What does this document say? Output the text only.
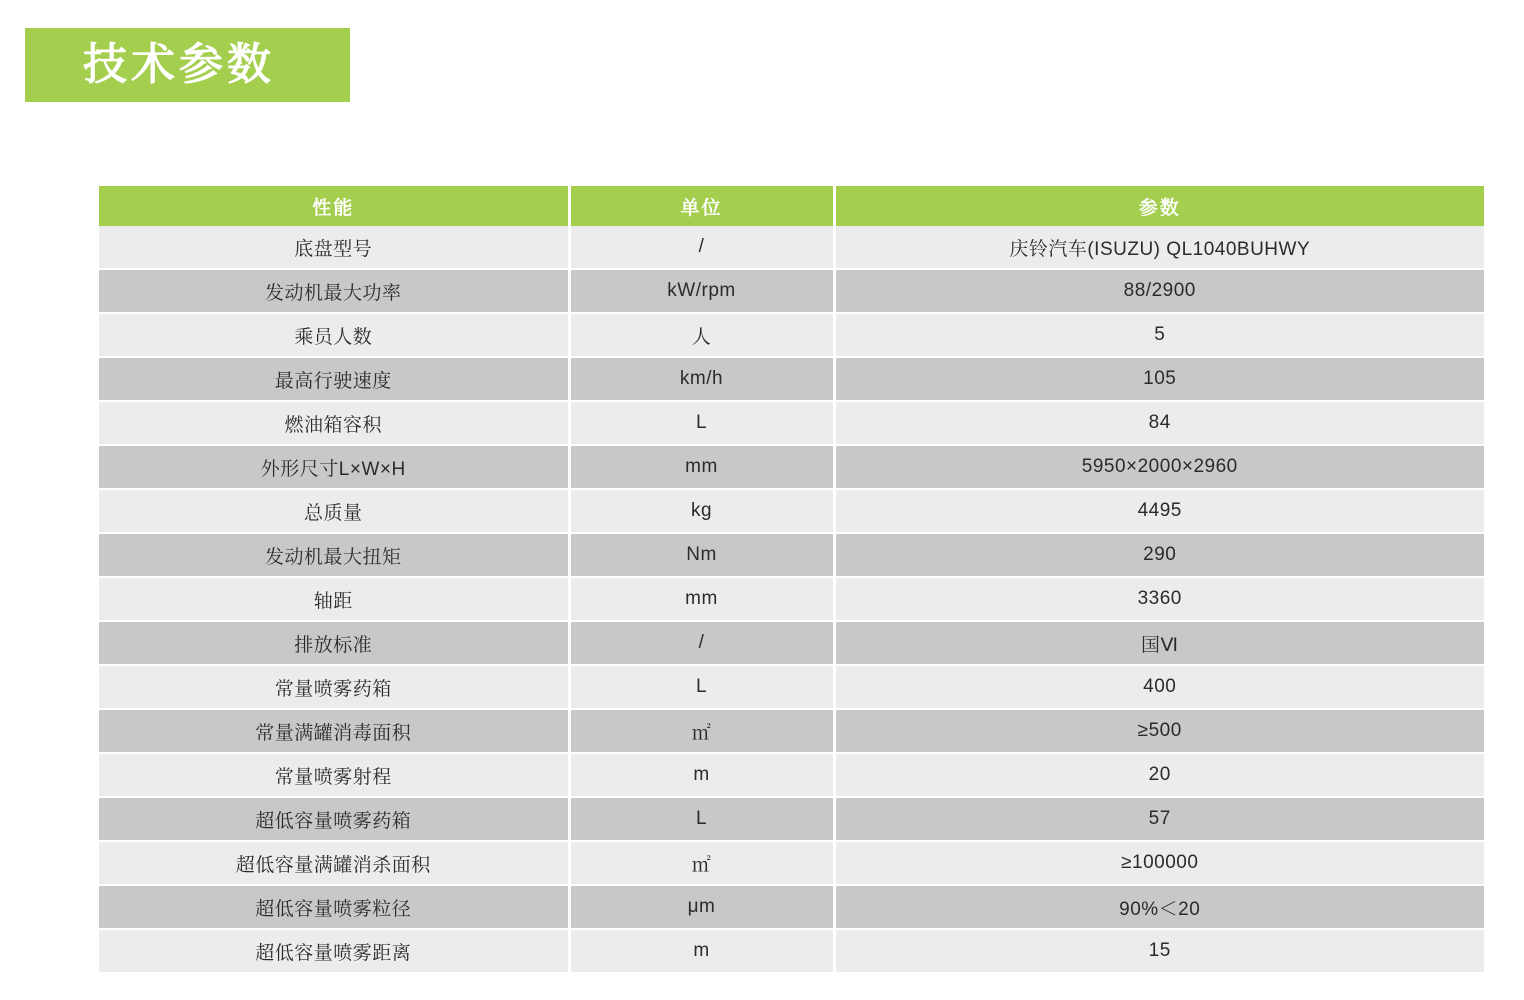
技术参数
性能	单位	参数
底盘型号	/	庆铃汽车(ISUZU) QL1040BUHWY
发动机最大功率	kW/rpm	88/2900
乘员人数	人	5
最高行驶速度	km/h	105
燃油箱容积	L	84
外形尺寸L×W×H	mm	5950×2000×2960
总质量	kg	4495
发动机最大扭矩	Nm	290
轴距	mm	3360
排放标准	/	国Ⅵ
常量喷雾药箱	L	400
常量满罐消毒面积	㎡	≥500
常量喷雾射程	m	20
超低容量喷雾药箱	L	57
超低容量满罐消杀面积	㎡	≥100000
超低容量喷雾粒径	μm	90%＜20
超低容量喷雾距离	m	15
